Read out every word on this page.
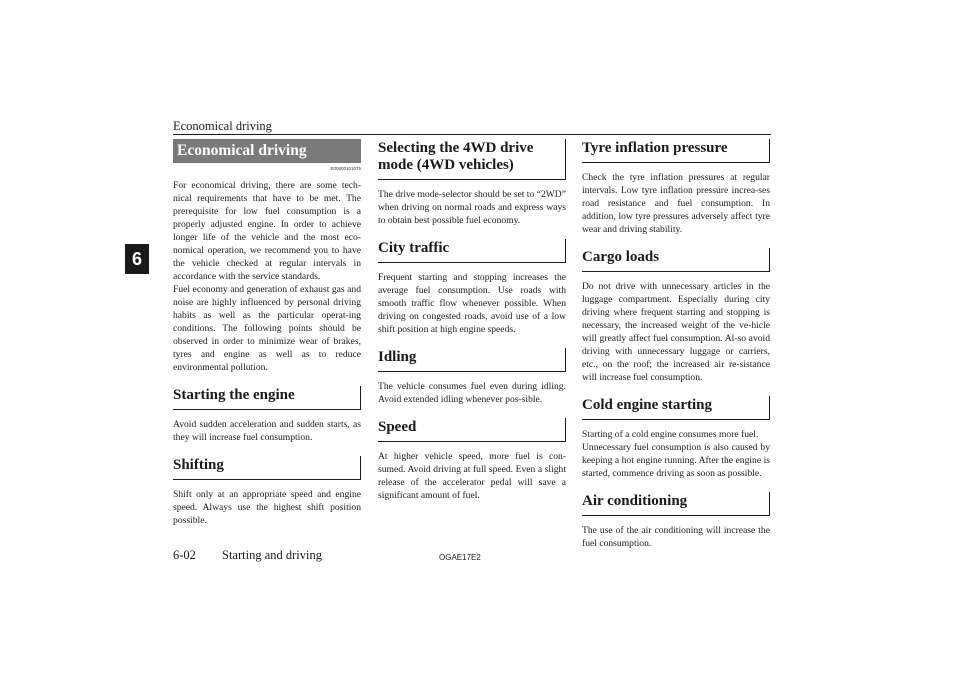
Economical driving
6
Economical driving
E00600101076

For economical driving, there are some tech-nical requirements that have to be met. The prerequisite for low fuel consumption is a properly adjusted engine. In order to achieve longer life of the vehicle and the most eco-nomical operation, we recommend you to have the vehicle checked at regular intervals in accordance with the service standards.

Fuel economy and generation of exhaust gas and noise are highly influenced by personal driving habits as well as the particular operat-ing conditions. The following points should be observed in order to minimize wear of brakes, tyres and engine as well as to reduce environmental pollution.

Starting the engine

Avoid sudden acceleration and sudden starts, as they will increase fuel consumption.

Shifting

Shift only at an appropriate speed and engine speed. Always use the highest shift position possible.

Selecting the 4WD drive mode (4WD vehicles)

The drive mode-selector should be set to “2WD” when driving on normal roads and express ways to obtain best possible fuel economy.

City traffic

Frequent starting and stopping increases the average fuel consumption. Use roads with smooth traffic flow whenever possible. When driving on congested roads, avoid use of a low shift position at high engine speeds.

Idling

The vehicle consumes fuel even during idling. Avoid extended idling whenever pos-sible.

Speed

At higher vehicle speed, more fuel is con-sumed. Avoid driving at full speed. Even a slight release of the accelerator pedal will save a significant amount of fuel.

Tyre inflation pressure

Check the tyre inflation pressures at regular intervals. Low tyre inflation pressure increa-ses road resistance and fuel consumption. In addition, low tyre pressures adversely affect tyre wear and driving stability.

Cargo loads

Do not drive with unnecessary articles in the luggage compartment. Especially during city driving where frequent starting and stopping is necessary, the increased weight of the ve-hicle will greatly affect fuel consumption. Al-so avoid driving with unnecessary luggage or carriers, etc., on the roof; the increased air re-sistance will increase fuel consumption.

Cold engine starting

Starting of a cold engine consumes more fuel.

Unnecessary fuel consumption is also caused by keeping a hot engine running. After the engine is started, commence driving as soon as possible.

Air conditioning

The use of the air conditioning will increase the fuel consumption.

6-02 Starting and driving	OGAE17E2
